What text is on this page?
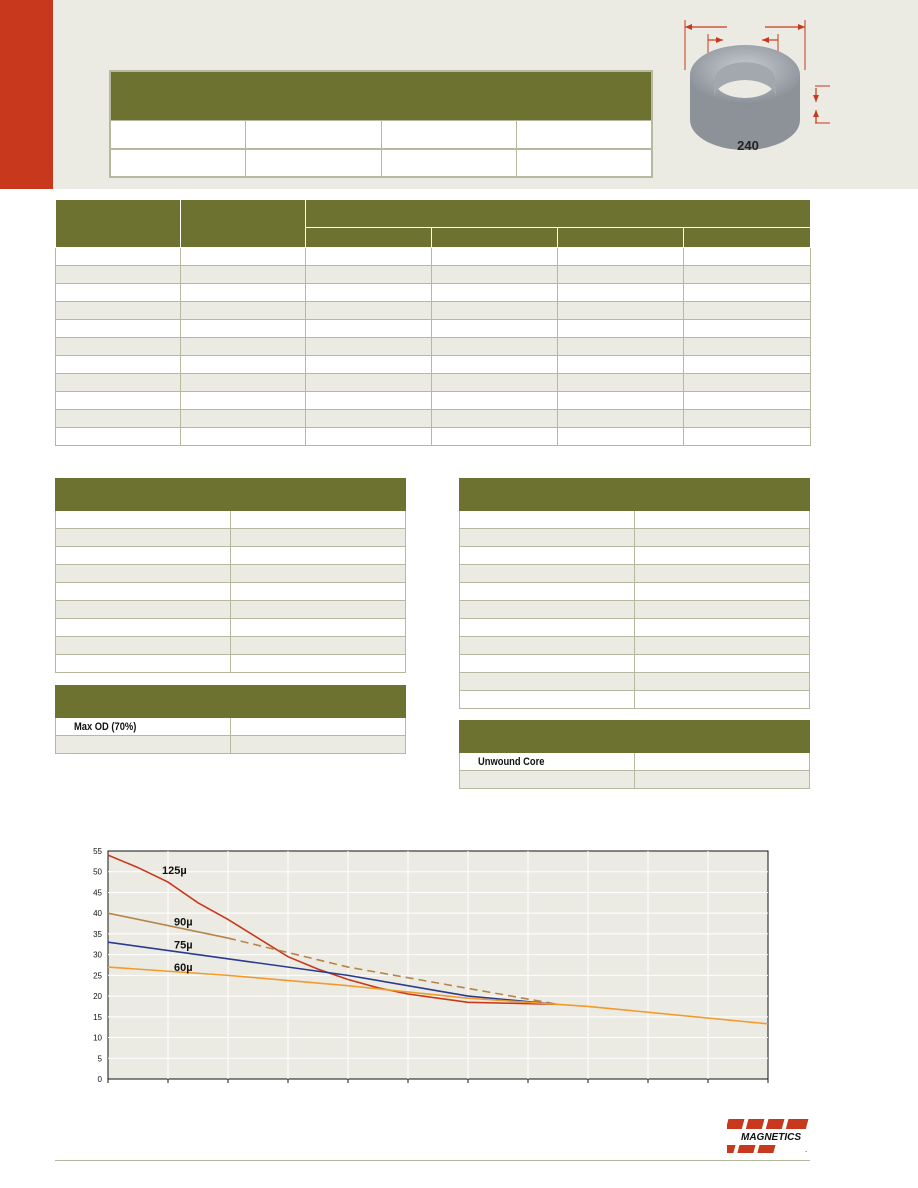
240

Max OD (70%)	

Unwound Core	

0
5
10
15
20
25
30
35
40
45
50
55
125µ
90µ
75µ
60µ
MAGNETICS
.
